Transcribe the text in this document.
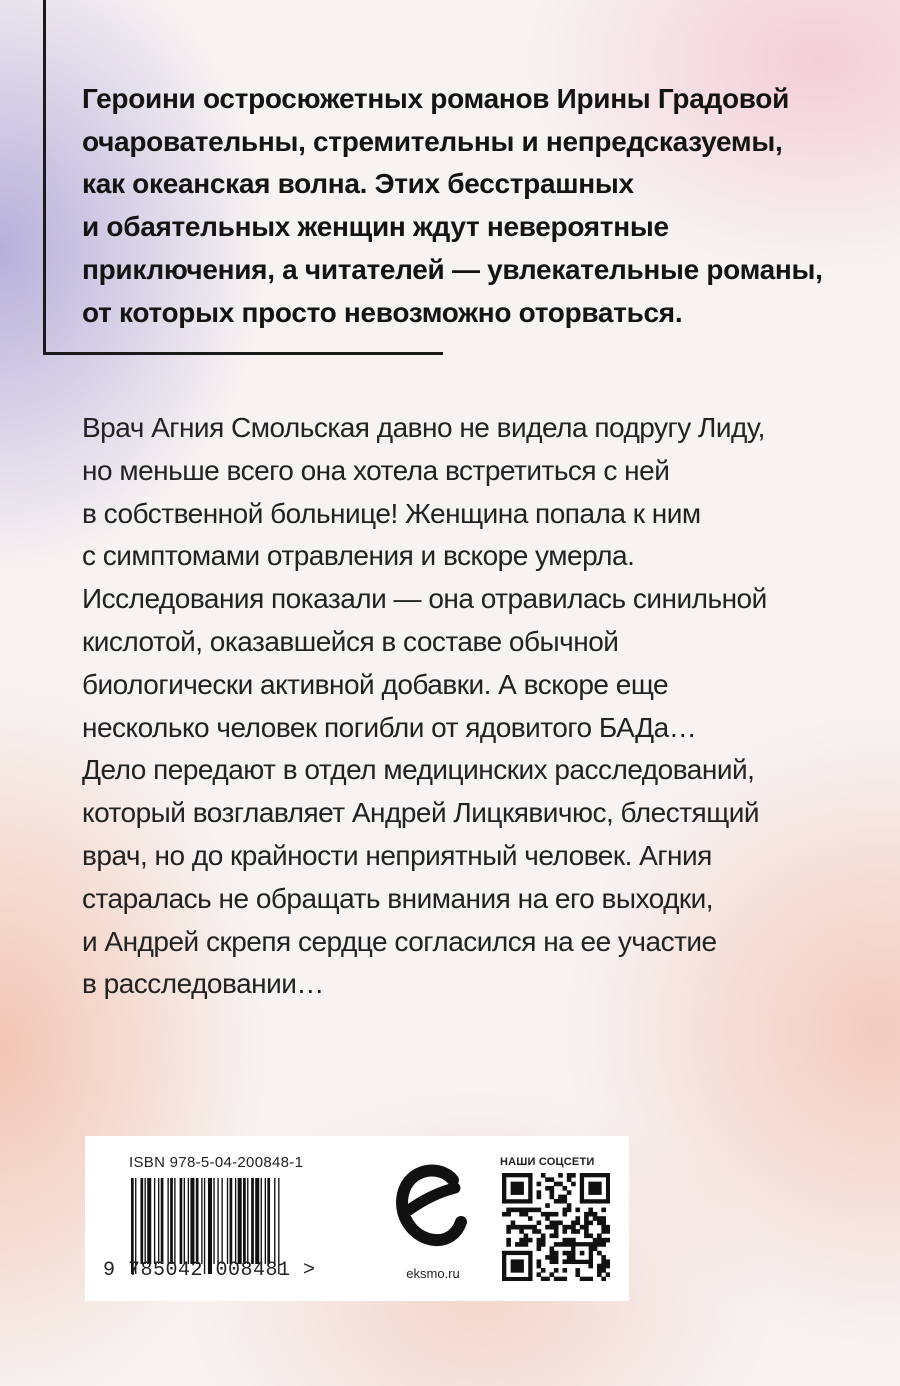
Героини остросюжетных романов Ирины Градовой
очаровательны, стремительны и непредсказуемы,
как океанская волна. Этих бесстрашных
и обаятельных женщин ждут невероятные
приключения, а читателей — увлекательные романы,
от которых просто невозможно оторваться.
Врач Агния Смольская давно не видела подругу Лиду,
но меньше всего она хотела встретиться с ней
в собственной больнице! Женщина попала к ним
с симптомами отравления и вскоре умерла.
Исследования показали — она отравилась синильной
кислотой, оказавшейся в составе обычной
биологически активной добавки. А вскоре еще
несколько человек погибли от ядовитого БАДа…
Дело передают в отдел медицинских расследований,
который возглавляет Андрей Лицкявичюс, блестящий
врач, но до крайности неприятный человек. Агния
старалась не обращать внимания на его выходки,
и Андрей скрепя сердце согласился на ее участие
в расследовании…
ISBN 978-5-04-200848-1
9 785042 008481 >	eksmo.ru
НАШИ СОЦСЕТИ
